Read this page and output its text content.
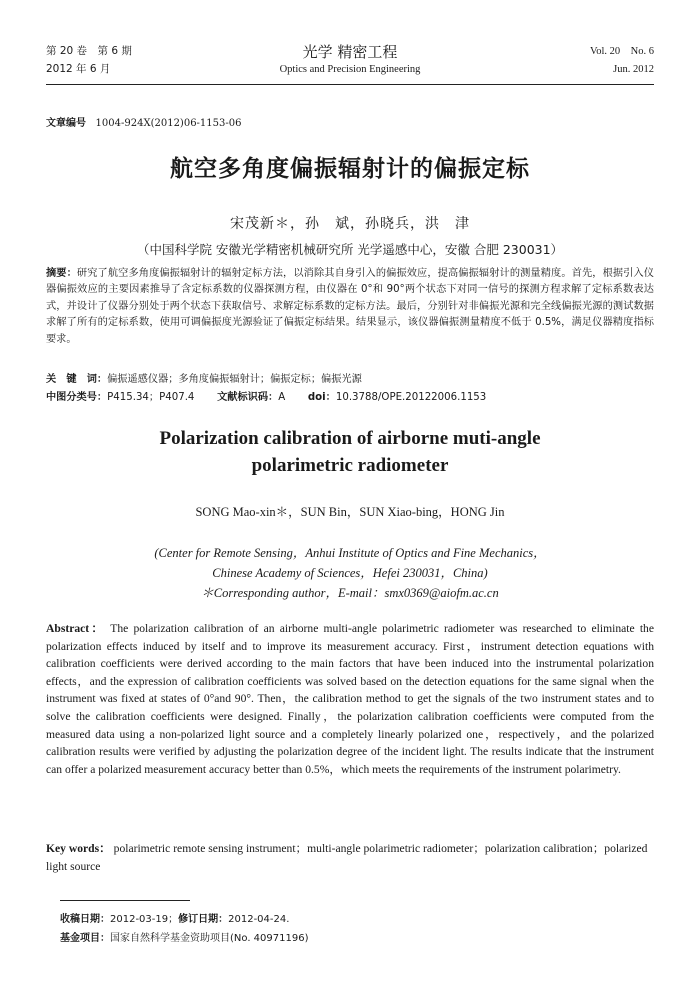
第 20 卷　第 6 期
2012 年 6 月
光学 精密工程
Optics and Precision Engineering
Vol. 20　No. 6
Jun. 2012
文章编号 1004-924X(2012)06-1153-06
航空多角度偏振辐射计的偏振定标
宋茂新＊，孙　斌，孙晓兵，洪　津
（中国科学院 安徽光学精密机械研究所 光学遥感中心，安徽 合肥 230031）
摘要：研究了航空多角度偏振辐射计的辐射定标方法，以消除其自身引入的偏振效应，提高偏振辐射计的测量精度。首先，根据引入仪器偏振效应的主要因素推导了含定标系数的仪器探测方程，由仪器在 0°和 90°两个状态下对同一信号的探测方程求解了定标系数表达式，并设计了仪器分别处于两个状态下获取信号、求解定标系数的定标方法。最后，分别针对非偏振光源和完全线偏振光源的测试数据求解了所有的定标系数，使用可调偏振度光源验证了偏振定标结果。结果显示，该仪器偏振测量精度不低于 0.5%，满足仪器精度指标要求。
关　键　词：偏振遥感仪器；多角度偏振辐射计；偏振定标；偏振光源
中图分类号：P415.34；P407.4 文献标识码：A doi：10.3788/OPE.20122006.1153
Polarization calibration of airborne muti-angle
polarimetric radiometer
SONG Mao-xin＊，SUN Bin，SUN Xiao-bing，HONG Jin
(Center for Remote Sensing，Anhui Institute of Optics and Fine Mechanics，
Chinese Academy of Sciences，Hefei 230031，China)
＊Corresponding author，E-mail：smx0369@aiofm.ac.cn
Abstract： The polarization calibration of an airborne multi-angle polarimetric radiometer was researched to eliminate the polarization effects induced by itself and to improve its measurement accuracy. First，instrument detection equations with calibration coefficients were derived according to the main factors that have been induced into the instrumental polarization effects，and the expression of calibration coefficients was solved based on the detection equations for the same signal when the instrument was fixed at states of 0°and 90°. Then，the calibration method to get the signals of the two instrument states and to solve the calibration coefficients were designed. Finally，the polarization calibration coefficients were computed from the measured data using a non-polarized light source and a completely linearly polarized one，respectively，and the polarized calibration results were verified by adjusting the polarization degree of the incident light. The results indicate that the instrument can offer a polarized measurement accuracy better than 0.5%，which meets the requirements of the instrument polarimetry.
Key words： polarimetric remote sensing instrument；multi-angle polarimetric radiometer；polarization calibration；polarized light source
收稿日期：2012-03-19；修订日期：2012-04-24.
基金项目：国家自然科学基金资助项目(No. 40971196)
